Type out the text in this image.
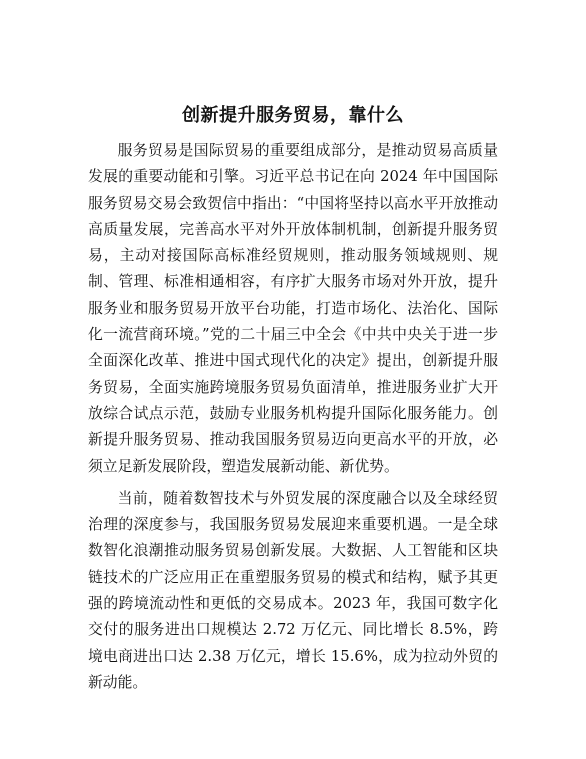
创新提升服务贸易，靠什么

服务贸易是国际贸易的重要组成部分，是推动贸易高质量发展的重要动能和引擎。习近平总书记在向 2024 年中国国际服务贸易交易会致贺信中指出：“中国将坚持以高水平开放推动高质量发展，完善高水平对外开放体制机制，创新提升服务贸易，主动对接国际高标准经贸规则，推动服务领域规则、规制、管理、标准相通相容，有序扩大服务市场对外开放，提升服务业和服务贸易开放平台功能，打造市场化、法治化、国际化一流营商环境。”党的二十届三中全会《中共中央关于进一步全面深化改革、推进中国式现代化的决定》提出，创新提升服务贸易，全面实施跨境服务贸易负面清单，推进服务业扩大开放综合试点示范，鼓励专业服务机构提升国际化服务能力。创新提升服务贸易、推动我国服务贸易迈向更高水平的开放，必须立足新发展阶段，塑造发展新动能、新优势。

当前，随着数智技术与外贸发展的深度融合以及全球经贸治理的深度参与，我国服务贸易发展迎来重要机遇。一是全球数智化浪潮推动服务贸易创新发展。大数据、人工智能和区块链技术的广泛应用正在重塑服务贸易的模式和结构，赋予其更强的跨境流动性和更低的交易成本。2023 年，我国可数字化交付的服务进出口规模达 2.72 万亿元、同比增长 8.5%，跨境电商进出口达 2.38 万亿元，增长 15.6%，成为拉动外贸的新动能。
